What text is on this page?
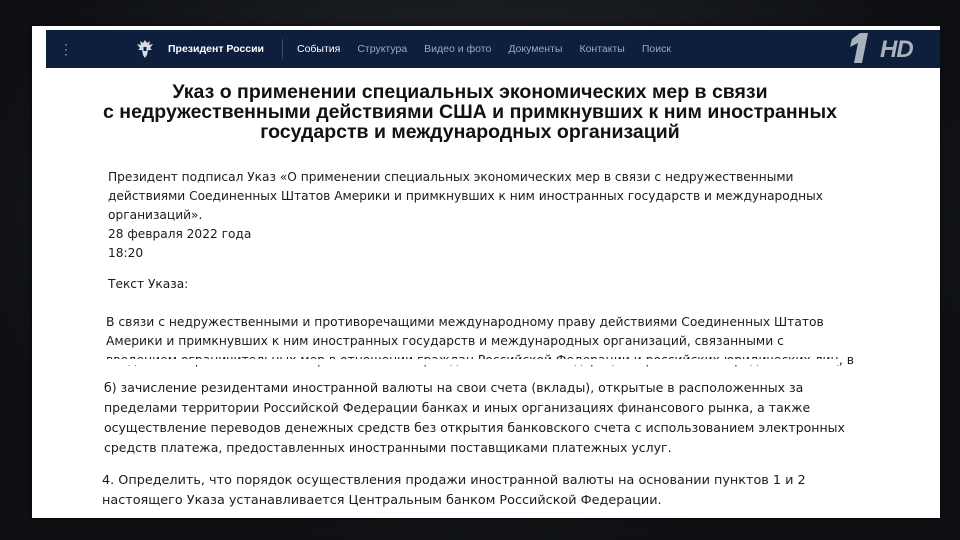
⋮	Президент России	События Структура Видео и фото Документы Контакты Поиск	HD
Указ о применении специальных экономических мер в связи
с недружественными действиями США и примкнувших к ним иностранных
государств и международных организаций

Президент подписал Указ «О применении специальных экономических мер в связи с недружественными

действиями Соединенных Штатов Америки и примкнувших к ним иностранных государств и международных

организаций».

28 февраля 2022 года

18:20

Текст Указа:

В связи с недружественными и противоречащими международному праву действиями Соединенных Штатов

Америки и примкнувших к ним иностранных государств и международных организаций, связанными с

б) зачисление резидентами иностранной валюты на свои счета (вклады), открытые в расположенных за

пределами территории Российской Федерации банках и иных организациях финансового рынка, а также

осуществление переводов денежных средств без открытия банковского счета с использованием электронных

средств платежа, предоставленных иностранными поставщиками платежных услуг.

4. Определить, что порядок осуществления продажи иностранной валюты на основании пунктов 1 и 2

настоящего Указа устанавливается Центральным банком Российской Федерации.
